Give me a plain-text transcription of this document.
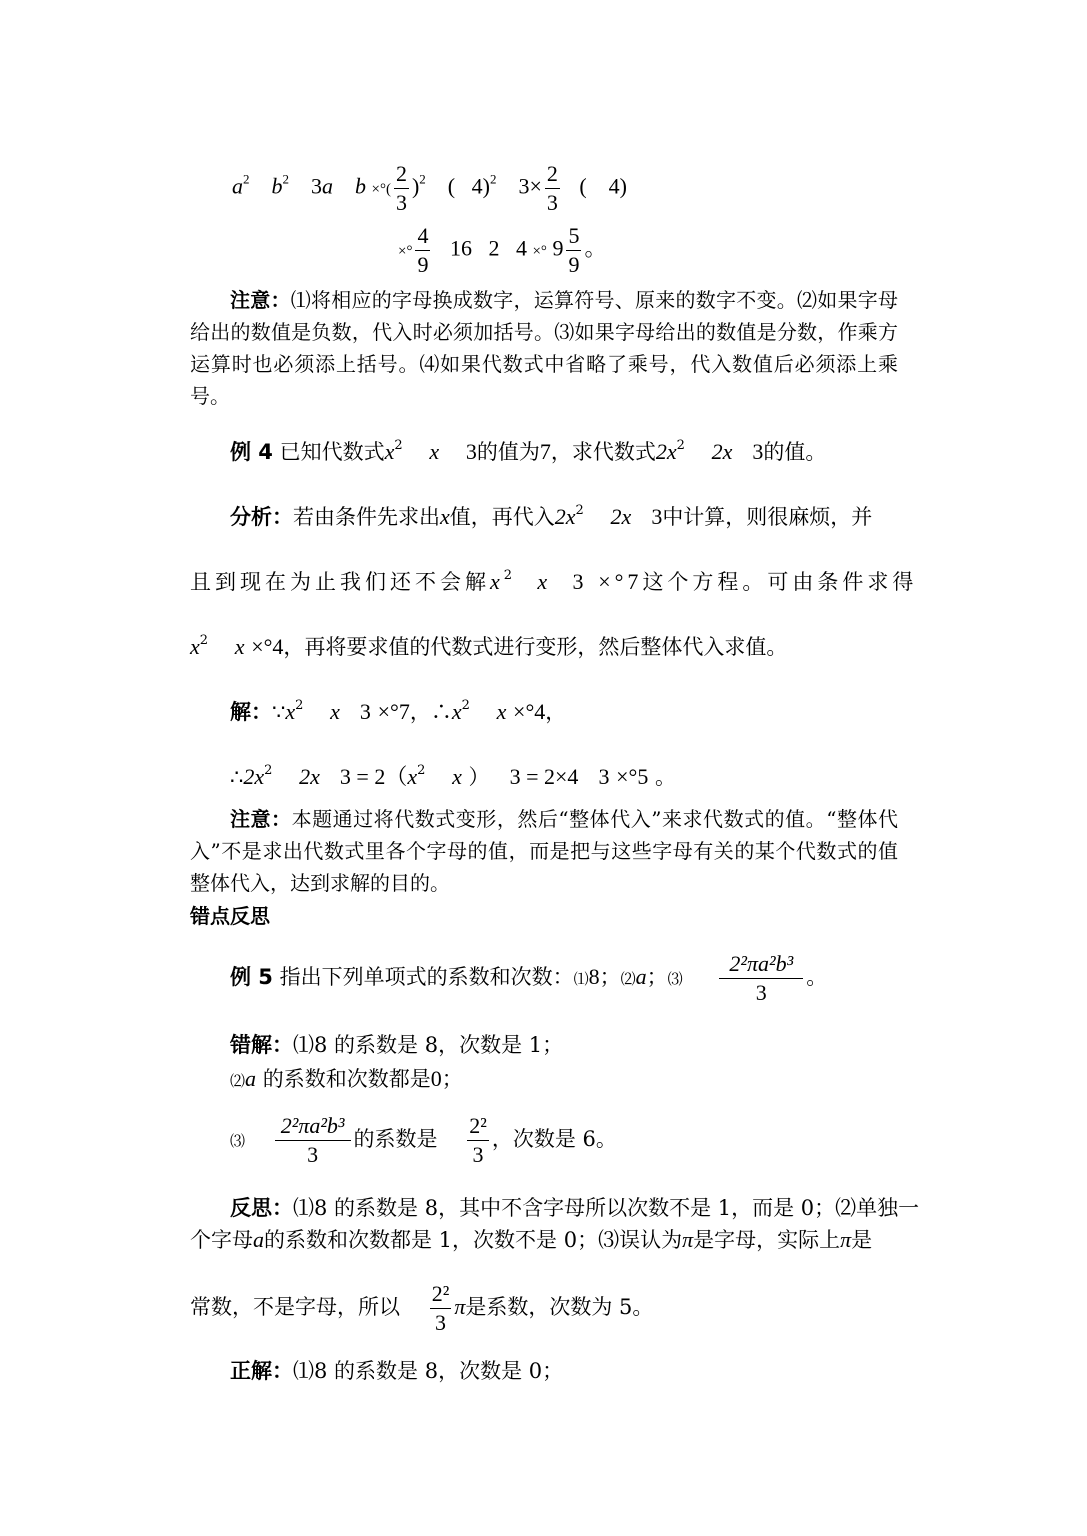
$a^2$ $b^2$ 3a b ×°( $\frac{2}{3} )^2$ ( 4)$^2$ $3\times \frac{2}{3}$ (　4)
×° $\frac{4}{9} 16$ 2 4 ×° $9 \frac{5}{9}$ 。
注意：⑴将相应的字母换成数字，运算符号、原来的数字不变。⑵如果字母给出的数值是负数，代入时必须加括号。⑶如果字母给出的数值是分数，作乘方运算时也必须添上括号。⑷如果代数式中省略了乘号，代入数值后必须添上乘号。
例 4 已知代数式$x^2$ x 3的值为7，求代数式$2x^2$ 2x 3的值。
分析：若由条件先求出x值，再代入$2x^2$ 2x 3中计算，则很麻烦，并
且到现在为止我们还不会解$x^2$ x 3 ×°7这个方程。可由条件求得
$x^2$ x ×°4，再将要求值的代数式进行变形，然后整体代入求值。
解：$\because x^2$ x 3 ×°7，$\therefore x^2$ x ×°4，
$\therefore 2x^2$ 2x $3 = 2(x^2$ x ） 3 = 2×4 3 ×°5 。
注意：本题通过将代数式变形，然后“整体代入”来求代数式的值。“整体代入”不是求出代数式里各个字母的值，而是把与这些字母有关的某个代数式的值整体代入，达到求解的目的。
错点反思
例 5 指出下列单项式的系数和次数：⑴8；⑵a；⑶ $\frac{\text{2²πa²b³}}{3}$ 。
错解：⑴8 的系数是 8，次数是 1；
⑵a 的系数和次数都是0；
⑶ $\frac{\text{2²πa²b³}}{3}$ 的系数是 $\frac{\text{2²}}{3}$ ，次数是 6。
反思：⑴8 的系数是 8，其中不含字母所以次数不是 1，而是 0；⑵单独一
个字母a的系数和次数都是 1，次数不是 0；⑶误认为π是字母，实际上π是
常数，不是字母，所以 $\frac{\text{2²}}{3}$ π是系数，次数为 5。
正解：⑴8 的系数是 8，次数是 0；
